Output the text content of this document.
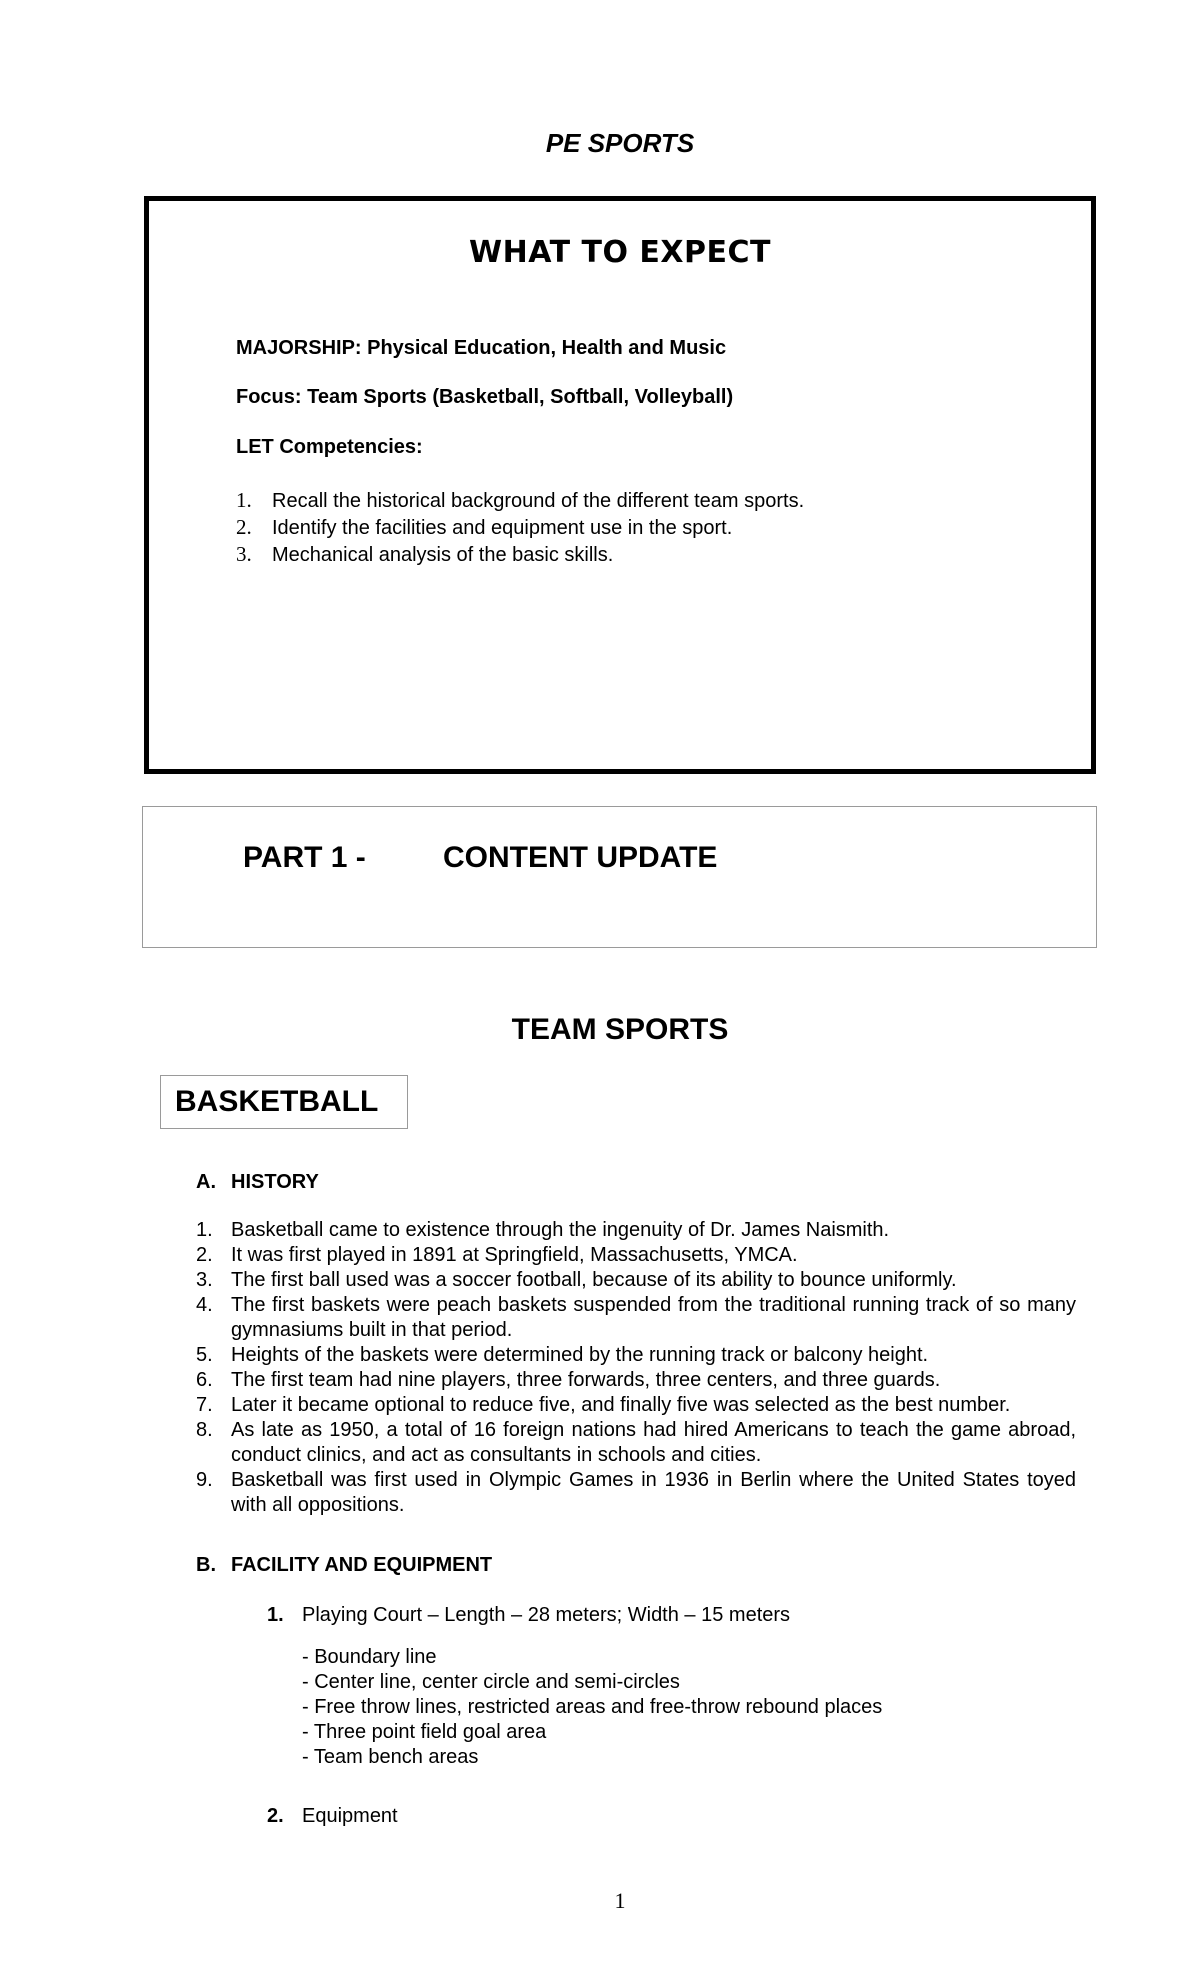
PE SPORTS
WHAT TO EXPECT
MAJORSHIP: Physical Education, Health and Music
Focus: Team Sports (Basketball, Softball, Volleyball)
LET Competencies:
1. Recall the historical background of the different team sports.
2. Identify the facilities and equipment use in the sport.
3. Mechanical analysis of the basic skills.
PART 1 -	CONTENT UPDATE
TEAM SPORTS
BASKETBALL
A. HISTORY
1. Basketball came to existence through the ingenuity of Dr. James Naismith.
2. It was first played in 1891 at Springfield, Massachusetts, YMCA.
3. The first ball used was a soccer football, because of its ability to bounce uniformly.
4. The first baskets were peach baskets suspended from the traditional running track of so many gymnasiums built in that period.
5. Heights of the baskets were determined by the running track or balcony height.
6. The first team had nine players, three forwards, three centers, and three guards.
7. Later it became optional to reduce five, and finally five was selected as the best number.
8. As late as 1950, a total of 16 foreign nations had hired Americans to teach the game abroad, conduct clinics, and act as consultants in schools and cities.
9. Basketball was first used in Olympic Games in 1936 in Berlin where the United States toyed with all oppositions.
B. FACILITY AND EQUIPMENT
1. Playing Court – Length – 28 meters; Width – 15 meters
- Boundary line
- Center line, center circle and semi-circles
- Free throw lines, restricted areas and free-throw rebound places
- Three point field goal area
- Team bench areas
2. Equipment
1
